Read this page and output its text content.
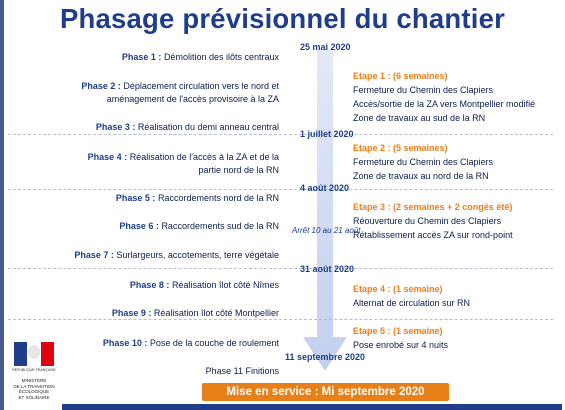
Phasage prévisionnel du chantier
25 mai 2020
1 juillet 2020
4 août 2020
Arrêt 10 au 21 août
31 août 2020
11 septembre 2020
Phase 1 : Démolition des ilôts centraux
Phase 2 : Déplacement circulation vers le nord et
aménagement de l'accès provisoire à la ZA
Phase 3 : Réalisation du demi anneau central
Phase 4 : Réalisation de l'accès à la ZA et de la
partie nord de la RN
Phase 5 : Raccordements nord de la RN
Phase 6 : Raccordements sud de la RN
Phase 7 : Surlargeurs, accotements, terre végétale
Phase 8 : Réalisation îlot côté Nîmes
Phase 9 : Réalisation îlot côté Montpellier
Phase 10 : Pose de la couche de roulement
Phase 11 Finitions
Etape 1 : (6 semaines)
Fermeture du Chemin des Clapiers
Accès/sortie de la ZA vers Montpellier modifié
Zone de travaux au sud de la RN
Etape 2 : (5 semaines)
Fermeture du Chemin des Clapiers
Zone de travaux au nord de la RN
Etape 3 : (2 semaines + 2 congés été)
Réouverture du Chemin des Clapiers
Rétablissement accès ZA sur rond-point
Etape 4 : (1 semaine)
Alternat de circulation sur RN
Etape 5 : (1 semaine)
Pose enrobé sur 4 nuits
Mise en service : Mi septembre 2020
RÉPUBLIQUE FRANÇAISE
MINISTÈRE
DE LA TRANSITION
ÉCOLOGIQUE
ET SOLIDAIRE
